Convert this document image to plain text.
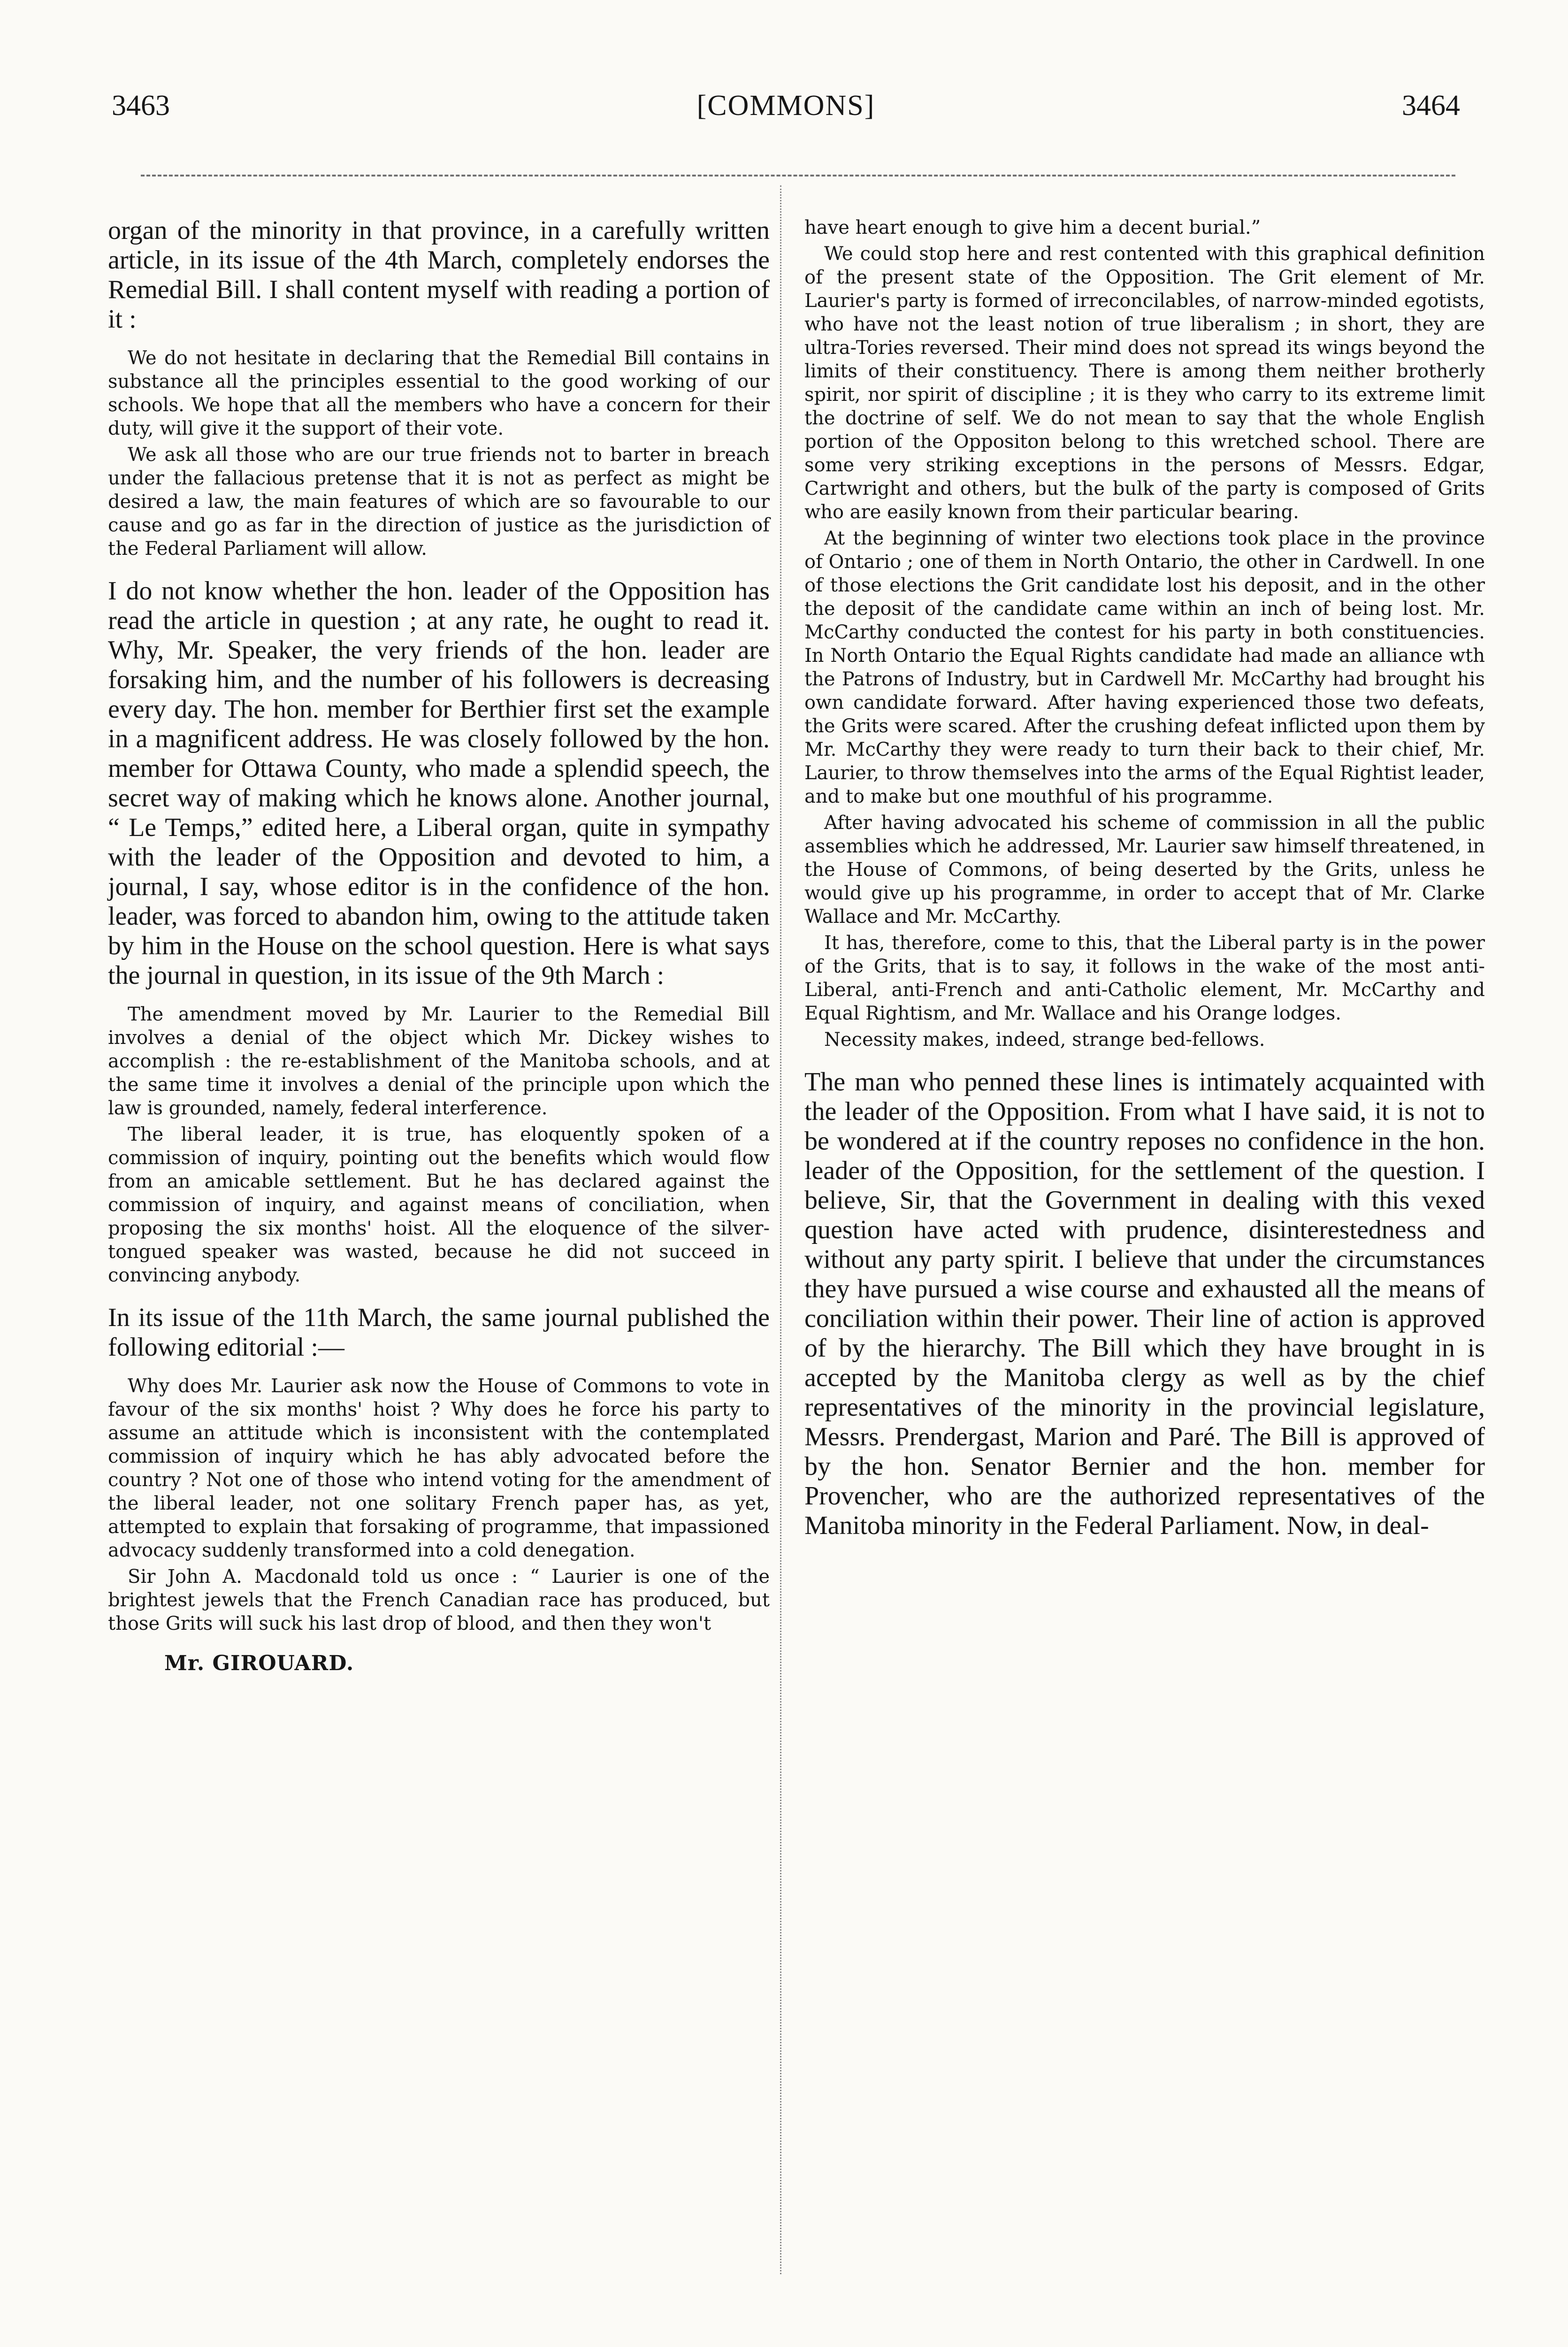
3463	[COMMONS]	3464

organ of the minority in that province, in a carefully written article, in its issue of the 4th March, completely endorses the Remedial Bill. I shall content myself with reading a portion of it :

We do not hesitate in declaring that the Remedial Bill contains in substance all the principles essential to the good working of our schools. We hope that all the members who have a concern for their duty, will give it the support of their vote.

We ask all those who are our true friends not to barter in breach under the fallacious pretense that it is not as perfect as might be desired a law, the main features of which are so favourable to our cause and go as far in the direction of justice as the jurisdiction of the Federal Parliament will allow.

I do not know whether the hon. leader of the Opposition has read the article in question ; at any rate, he ought to read it. Why, Mr. Speaker, the very friends of the hon. leader are forsaking him, and the number of his followers is decreasing every day. The hon. member for Berthier first set the example in a magnificent address. He was closely followed by the hon. member for Ottawa County, who made a splendid speech, the secret way of making which he knows alone. Another journal, “ Le Temps,” edited here, a Liberal organ, quite in sympathy with the leader of the Opposition and devoted to him, a journal, I say, whose editor is in the confidence of the hon. leader, was forced to abandon him, owing to the attitude taken by him in the House on the school question. Here is what says the journal in question, in its issue of the 9th March :

The amendment moved by Mr. Laurier to the Remedial Bill involves a denial of the object which Mr. Dickey wishes to accomplish : the re-establishment of the Manitoba schools, and at the same time it involves a denial of the principle upon which the law is grounded, namely, federal interference.

The liberal leader, it is true, has eloquently spoken of a commission of inquiry, pointing out the benefits which would flow from an amicable settlement. But he has declared against the commission of inquiry, and against means of conciliation, when proposing the six months' hoist. All the eloquence of the silver-tongued speaker was wasted, because he did not succeed in convincing anybody.

In its issue of the 11th March, the same journal published the following editorial :—

Why does Mr. Laurier ask now the House of Commons to vote in favour of the six months' hoist ? Why does he force his party to assume an attitude which is inconsistent with the contemplated commission of inquiry which he has ably advocated before the country ? Not one of those who intend voting for the amendment of the liberal leader, not one solitary French paper has, as yet, attempted to explain that forsaking of programme, that impassioned advocacy suddenly transformed into a cold denegation.

Sir John A. Macdonald told us once : “ Laurier is one of the brightest jewels that the French Canadian race has produced, but those Grits will suck his last drop of blood, and then they won't

Mr. GIROUARD.

have heart enough to give him a decent burial.”

We could stop here and rest contented with this graphical definition of the present state of the Opposition. The Grit element of Mr. Laurier's party is formed of irreconcilables, of narrow-minded egotists, who have not the least notion of true liberalism ; in short, they are ultra-Tories reversed. Their mind does not spread its wings beyond the limits of their constituency. There is among them neither brotherly spirit, nor spirit of discipline ; it is they who carry to its extreme limit the doctrine of self. We do not mean to say that the whole English portion of the Oppositon belong to this wretched school. There are some very striking exceptions in the persons of Messrs. Edgar, Cartwright and others, but the bulk of the party is composed of Grits who are easily known from their particular bearing.

At the beginning of winter two elections took place in the province of Ontario ; one of them in North Ontario, the other in Cardwell. In one of those elections the Grit candidate lost his deposit, and in the other the deposit of the candidate came within an inch of being lost. Mr. McCarthy conducted the contest for his party in both constituencies. In North Ontario the Equal Rights candidate had made an alliance wth the Patrons of Industry, but in Cardwell Mr. McCarthy had brought his own candidate forward. After having experienced those two defeats, the Grits were scared. After the crushing defeat inflicted upon them by Mr. McCarthy they were ready to turn their back to their chief, Mr. Laurier, to throw themselves into the arms of the Equal Rightist leader, and to make but one mouthful of his programme.

After having advocated his scheme of commission in all the public assemblies which he addressed, Mr. Laurier saw himself threatened, in the House of Commons, of being deserted by the Grits, unless he would give up his programme, in order to accept that of Mr. Clarke Wallace and Mr. McCarthy.

It has, therefore, come to this, that the Liberal party is in the power of the Grits, that is to say, it follows in the wake of the most anti-Liberal, anti-French and anti-Catholic element, Mr. McCarthy and Equal Rightism, and Mr. Wallace and his Orange lodges.

Necessity makes, indeed, strange bed-fellows.

The man who penned these lines is intimately acquainted with the leader of the Opposition. From what I have said, it is not to be wondered at if the country reposes no confidence in the hon. leader of the Opposition, for the settlement of the question. I believe, Sir, that the Government in dealing with this vexed question have acted with prudence, disinterestedness and without any party spirit. I believe that under the circumstances they have pursued a wise course and exhausted all the means of conciliation within their power. Their line of action is approved of by the hierarchy. The Bill which they have brought in is accepted by the Manitoba clergy as well as by the chief representatives of the minority in the provincial legislature, Messrs. Prendergast, Marion and Paré. The Bill is approved of by the hon. Senator Bernier and the hon. member for Provencher, who are the authorized representatives of the Manitoba minority in the Federal Parliament. Now, in deal-
